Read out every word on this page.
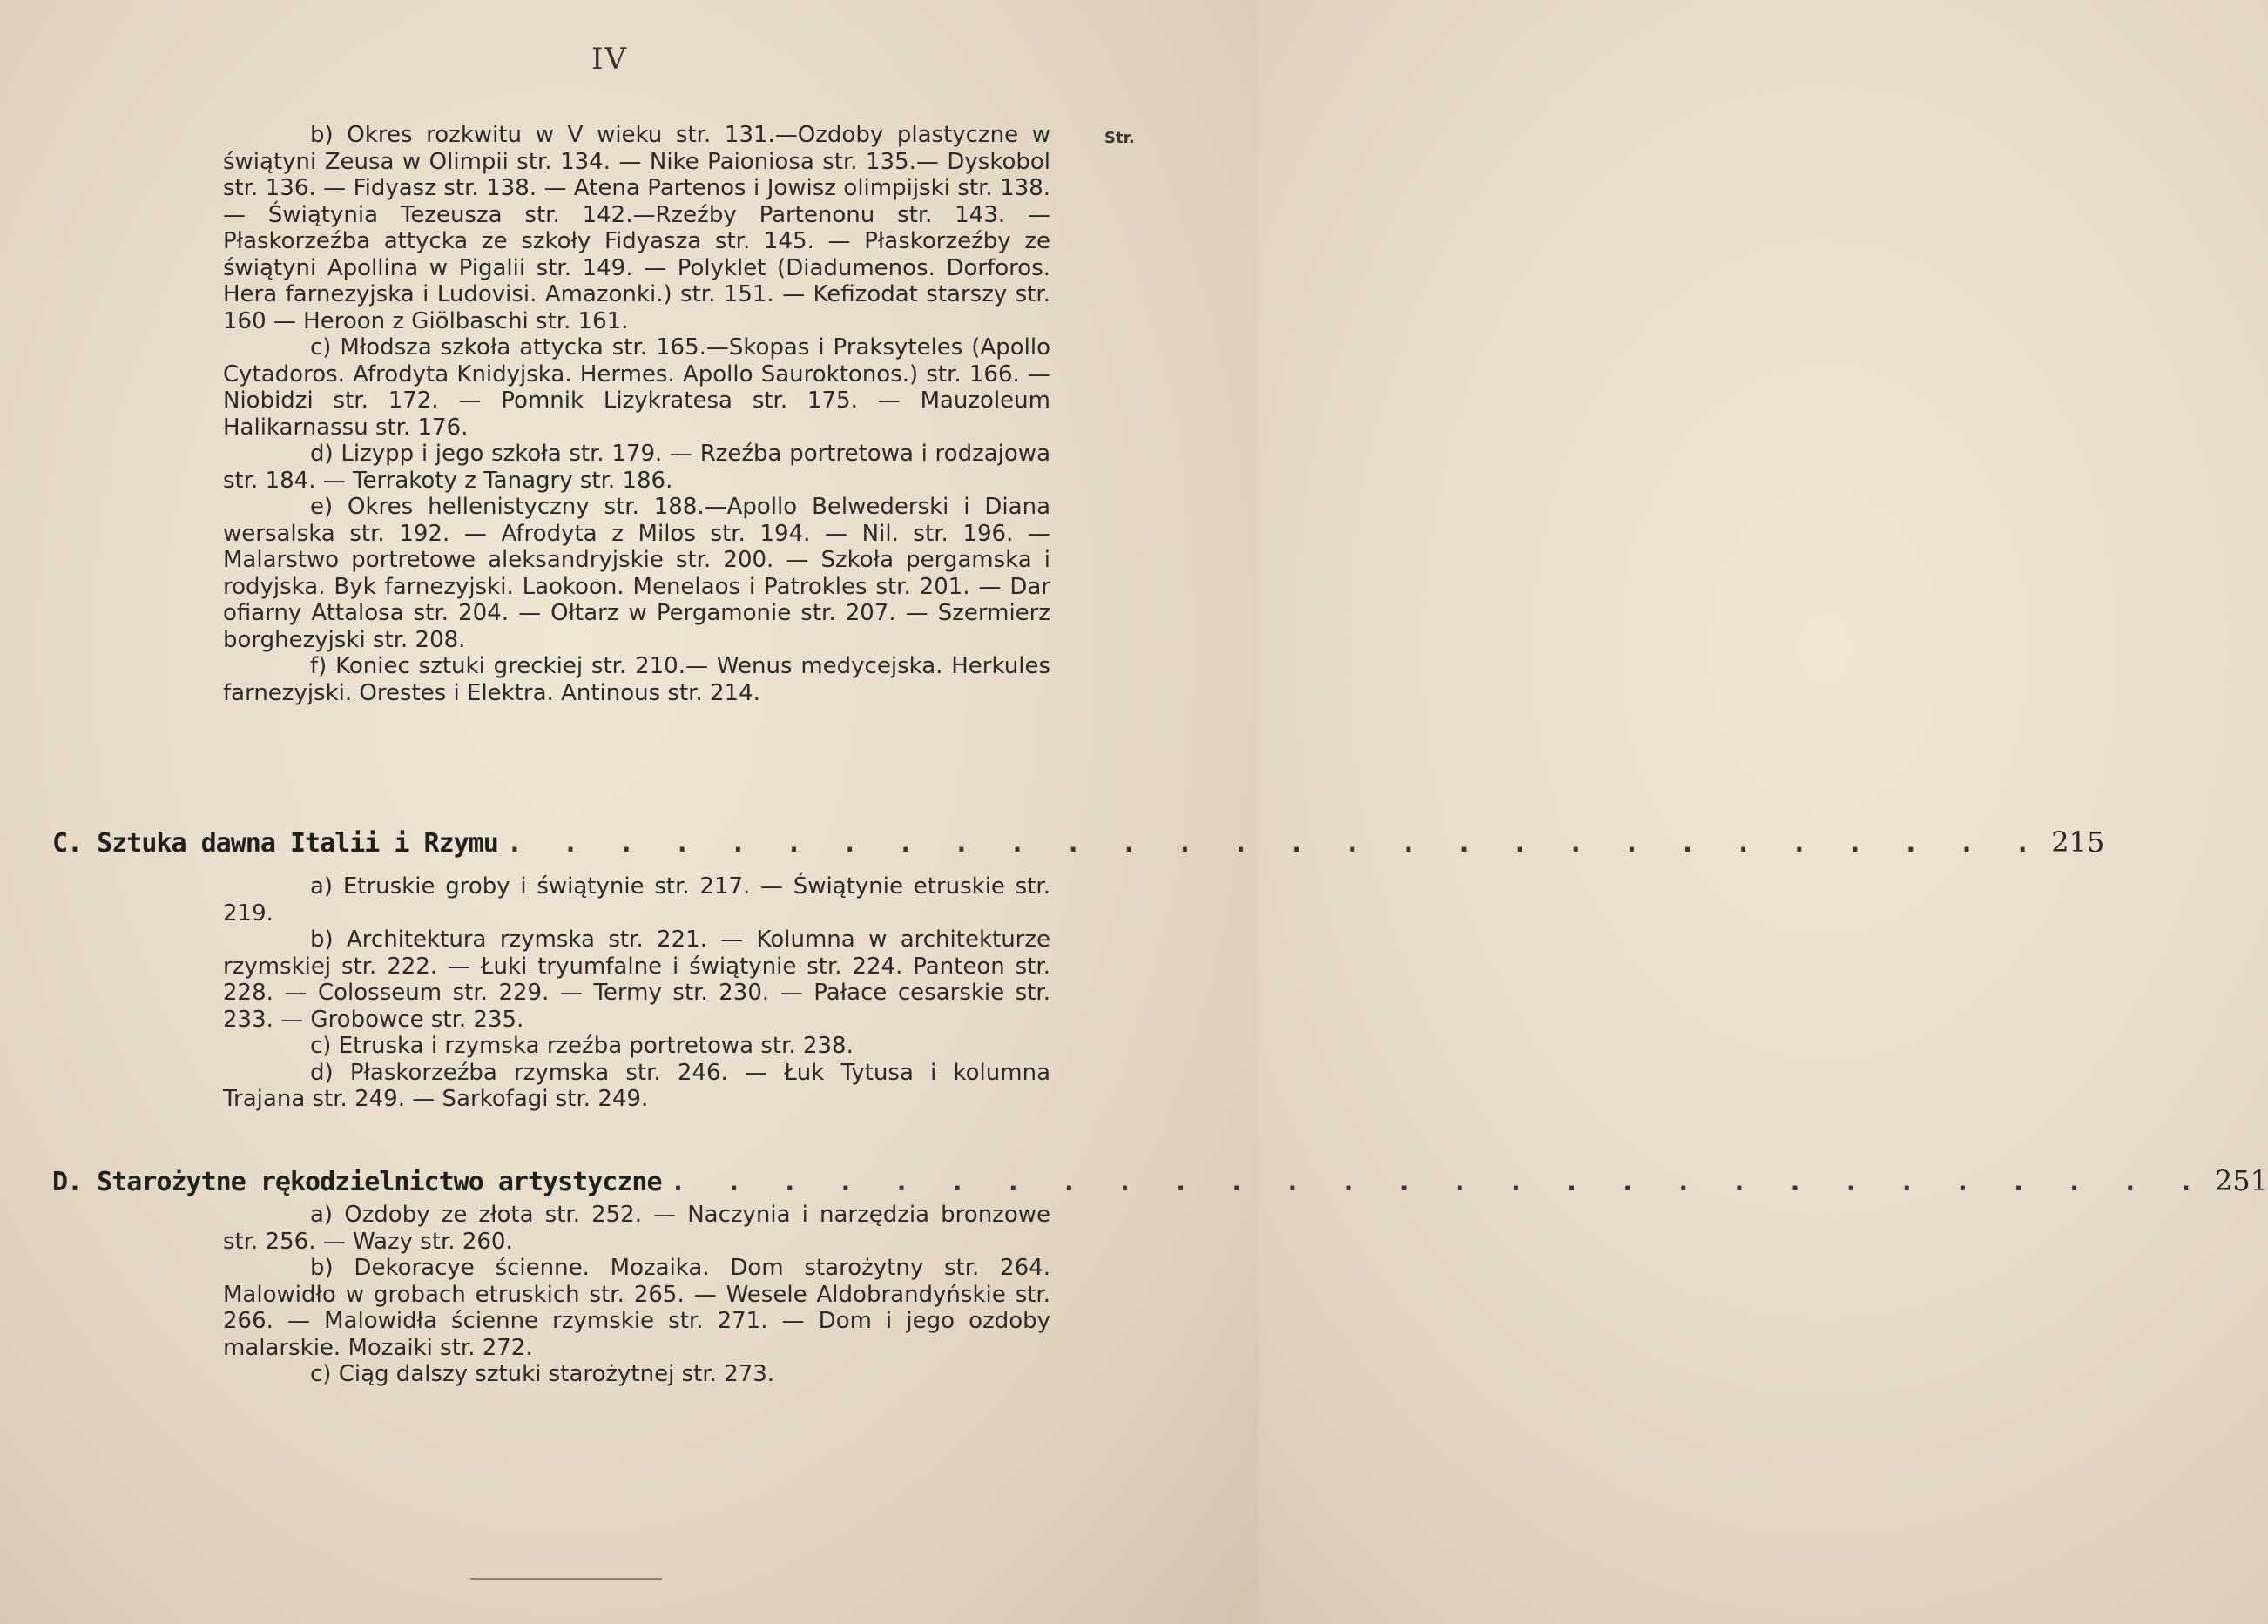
IV
Str.

b) Okres rozkwitu w V wieku str. 131.—Ozdoby plastyczne w świątyni Zeusa w Olimpii str. 134. — Nike Paioniosa str. 135.— Dyskobol str. 136. — Fidyasz str. 138. — Atena Partenos i Jowisz olimpijski str. 138. — Świątynia Tezeusza str. 142.—Rzeźby Partenonu str. 143. — Płaskorzeźba attycka ze szkoły Fidyasza str. 145. — Płaskorzeźby ze świątyni Apollina w Pigalii str. 149. — Polyklet (Diadumenos. Dorforos. Hera farnezyjska i Ludovisi. Amazonki.) str. 151. — Kefizodat starszy str. 160 — Heroon z Giölbaschi str. 161.

c) Młodsza szkoła attycka str. 165.—Skopas i Praksyteles (Apollo Cytadoros. Afrodyta Knidyjska. Hermes. Apollo Sauroktonos.) str. 166. — Niobidzi str. 172. — Pomnik Lizykratesa str. 175. — Mauzoleum Halikarnassu str. 176.

d) Lizypp i jego szkoła str. 179. — Rzeźba portretowa i rodzajowa str. 184. — Terrakoty z Tanagry str. 186.

e) Okres hellenistyczny str. 188.—Apollo Belwederski i Diana wersalska str. 192. — Afrodyta z Milos str. 194. — Nil. str. 196. — Malarstwo portretowe aleksandryjskie str. 200. — Szkoła pergamska i rodyjska. Byk farnezyjski. Laokoon. Menelaos i Patrokles str. 201. — Dar ofiarny Attalosa str. 204. — Ołtarz w Pergamonie str. 207. — Szermierz borghezyjski str. 208.

f) Koniec sztuki greckiej str. 210.— Wenus medycejska. Herkules farnezyjski. Orestes i Elektra. Antinous str. 214.

C. Sztuka dawna Italii i Rzymu . . . . . . . . . . . . . . . . . . . . . . . . . . . . 215

a) Etruskie groby i świątynie str. 217. — Świątynie etruskie str. 219.

b) Architektura rzymska str. 221. — Kolumna w architekturze rzymskiej str. 222. — Łuki tryumfalne i świątynie str. 224. Panteon str. 228. — Colosseum str. 229. — Termy str. 230. — Pałace cesarskie str. 233. — Grobowce str. 235.

c) Etruska i rzymska rzeźba portretowa str. 238.

d) Płaskorzeźba rzymska str. 246. — Łuk Tytusa i kolumna Trajana str. 249. — Sarkofagi str. 249.

D. Starożytne rękodzielnictwo artystyczne . . . . . . . . . . . . . . . . . . . . . . . . . . . . 251

a) Ozdoby ze złota str. 252. — Naczynia i narzędzia bronzowe str. 256. — Wazy str. 260.

b) Dekoracye ścienne. Mozaika. Dom starożytny str. 264. Malowidło w grobach etruskich str. 265. — Wesele Aldobrandyńskie str. 266. — Malowidła ścienne rzymskie str. 271. — Dom i jego ozdoby malarskie. Mozaiki str. 272.

c) Ciąg dalszy sztuki starożytnej str. 273.
